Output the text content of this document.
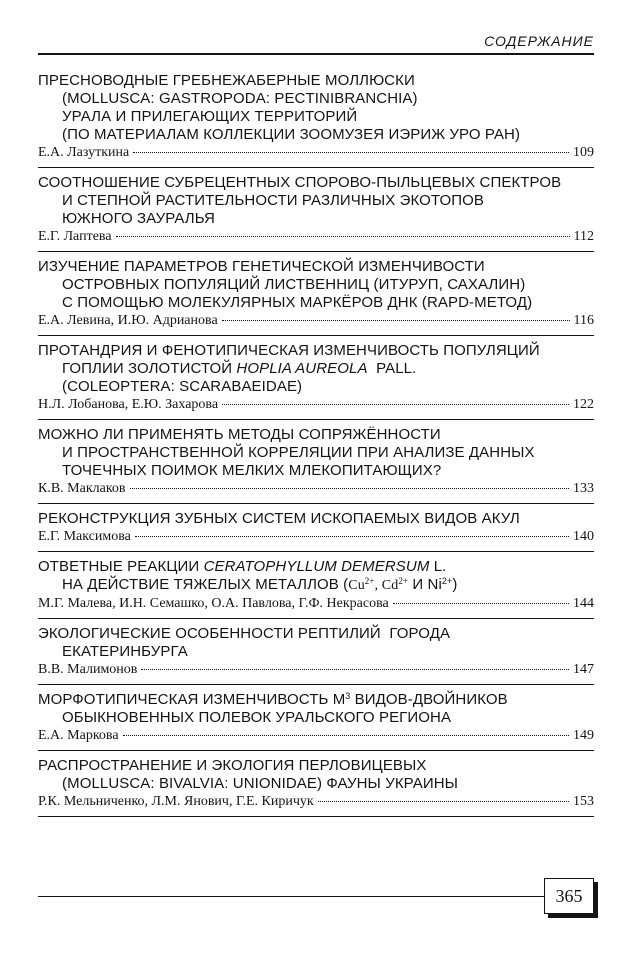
СОДЕРЖАНИЕ
ПРЕСНОВОДНЫЕ ГРЕБНЕЖАБЕРНЫЕ МОЛЛЮСКИ
(MOLLUSCA: GASTROPODA: PECTINIBRANCHIA)
УРАЛА И ПРИЛЕГАЮЩИХ ТЕРРИТОРИЙ
(ПО МАТЕРИАЛАМ КОЛЛЕКЦИИ ЗООМУЗЕЯ ИЭРИЖ УРО РАН)
Е.А. Лазуткина	109
СООТНОШЕНИЕ СУБРЕЦЕНТНЫХ СПОРОВО-ПЫЛЬЦЕВЫХ СПЕКТРОВ
И СТЕПНОЙ РАСТИТЕЛЬНОСТИ РАЗЛИЧНЫХ ЭКОТОПОВ
ЮЖНОГО ЗАУРАЛЬЯ
Е.Г. Лаптева	112
ИЗУЧЕНИЕ ПАРАМЕТРОВ ГЕНЕТИЧЕСКОЙ ИЗМЕНЧИВОСТИ
ОСТРОВНЫХ ПОПУЛЯЦИЙ ЛИСТВЕННИЦ (ИТУРУП, САХАЛИН)
С ПОМОЩЬЮ МОЛЕКУЛЯРНЫХ МАРКЁРОВ ДНК (RAPD-МЕТОД)
Е.А. Левина, И.Ю. Адрианова	116
ПРОТАНДРИЯ И ФЕНОТИПИЧЕСКАЯ ИЗМЕНЧИВОСТЬ ПОПУЛЯЦИЙ
ГОПЛИИ ЗОЛОТИСТОЙ HOPLIA AUREOLA  PALL.
(COLEOPTERA: SCARABAEIDAE)
Н.Л. Лобанова, Е.Ю. Захарова	122
МОЖНО ЛИ ПРИМЕНЯТЬ МЕТОДЫ СОПРЯЖЁННОСТИ
И ПРОСТРАНСТВЕННОЙ КОРРЕЛЯЦИИ ПРИ АНАЛИЗЕ ДАННЫХ
ТОЧЕЧНЫХ ПОИМОК МЕЛКИХ МЛЕКОПИТАЮЩИХ?
К.В. Маклаков	133
РЕКОНСТРУКЦИЯ ЗУБНЫХ СИСТЕМ ИСКОПАЕМЫХ ВИДОВ АКУЛ
Е.Г. Максимова	140
ОТВЕТНЫЕ РЕАКЦИИ CERATOPHYLLUM DEMERSUM L.
НА ДЕЙСТВИЕ ТЯЖЕЛЫХ МЕТАЛЛОВ ($Cu^{2+}$, $Cd^{2+}$ И $Ni^{2+}$)
М.Г. Малева, И.Н. Семашко, О.А. Павлова, Г.Ф. Некрасова	144
ЭКОЛОГИЧЕСКИЕ ОСОБЕННОСТИ РЕПТИЛИЙ  ГОРОДА
ЕКАТЕРИНБУРГА
В.В. Малимонов	147
МОРФОТИПИЧЕСКАЯ ИЗМЕНЧИВОСТЬ $М^3$ ВИДОВ-ДВОЙНИКОВ
ОБЫКНОВЕННЫХ ПОЛЕВОК УРАЛЬСКОГО РЕГИОНА
Е.А. Маркова	149
РАСПРОСТРАНЕНИЕ И ЭКОЛОГИЯ ПЕРЛОВИЦЕВЫХ
(MOLLUSCA: BIVALVIA: UNIONIDAE) ФАУНЫ УКРАИНЫ
Р.К. Мельниченко, Л.М. Янович, Г.Е. Киричук	153
365
